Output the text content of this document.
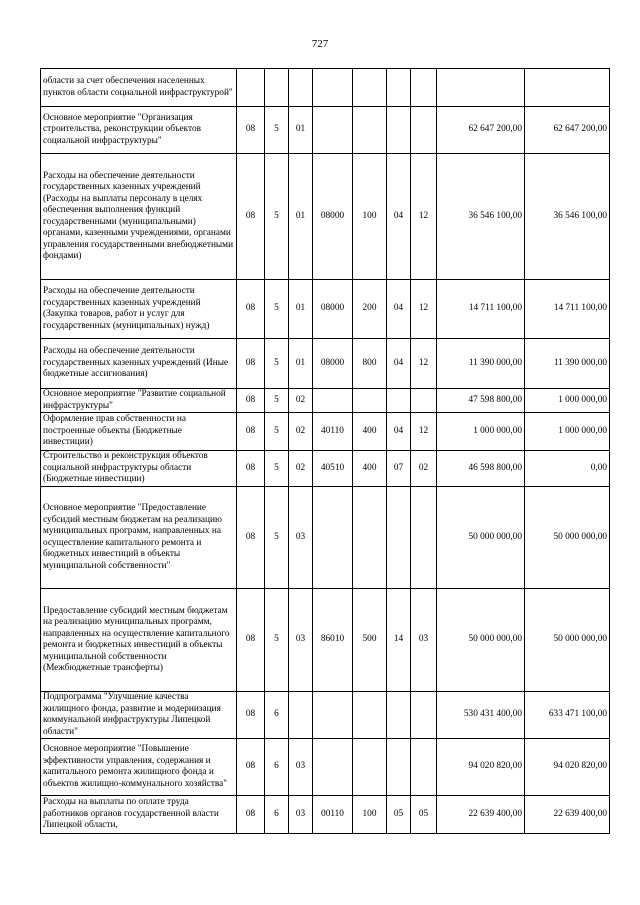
727
области за счет обеспечения населенных пунктов области социальной инфраструктурой"									
Основное мероприятие "Организация строительства, реконструкции объектов социальной инфраструктуры"	08	5	01					62 647 200,00	62 647 200,00
Расходы на обеспечение деятельности государственных казенных учреждений (Расходы на выплаты персоналу в целях обеспечения выполнения функций государственными (муниципальными) органами, казенными учреждениями, органами управления государственными внебюджетными фондами)	08	5	01	08000	100	04	12	36 546 100,00	36 546 100,00
Расходы на обеспечение деятельности государственных казенных учреждений (Закупка товаров, работ и услуг для государственных (муниципальных) нужд)	08	5	01	08000	200	04	12	14 711 100,00	14 711 100,00
Расходы на обеспечение деятельности государственных казенных учреждений (Иные бюджетные ассигнования)	08	5	01	08000	800	04	12	11 390 000,00	11 390 000,00
Основное мероприятие "Развитие социальной инфраструктуры"	08	5	02					47 598 800,00	1 000 000,00
Оформление прав собственности на построенные объекты (Бюджетные инвестиции)	08	5	02	40110	400	04	12	1 000 000,00	1 000 000,00
Строительство и реконструкция объектов социальной инфраструктуры области (Бюджетные инвестиции)	08	5	02	40510	400	07	02	46 598 800,00	0,00
Основное мероприятие "Предоставление субсидий местным бюджетам на реализацию муниципальных программ, направленных на осуществление капитального ремонта и бюджетных инвестиций в объекты муниципальной собственности"	08	5	03					50 000 000,00	50 000 000,00
Предоставление субсидий местным бюджетам на реализацию муниципальных программ, направленных на осуществление капитального ремонта и бюджетных инвестиций в объекты муниципальной собственности (Межбюджетные трансферты)	08	5	03	86010	500	14	03	50 000 000,00	50 000 000,00
Подпрограмма "Улучшение качества жилищного фонда, развитие и модернизация коммунальной инфраструктуры Липецкой области"	08	6						530 431 400,00	633 471 100,00
Основное мероприятие "Повышение эффективности управления, содержания и капитального ремонта жилищного фонда и объектов жилищно-коммунального хозяйства"	08	6	03					94 020 820,00	94 020 820,00
Расходы на выплаты по оплате труда работников органов государственной власти Липецкой области,	08	6	03	00110	100	05	05	22 639 400,00	22 639 400,00
